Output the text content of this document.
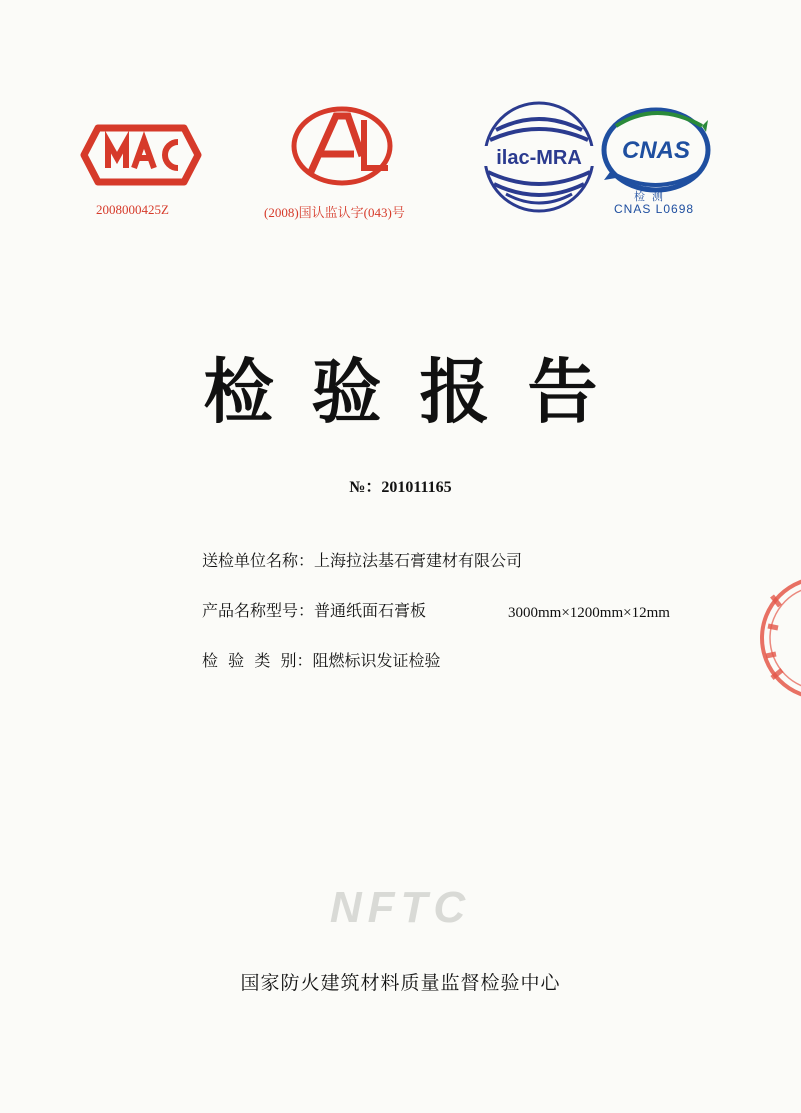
2008000425Z	(2008)国认监认字(043)号
ilac-MRA CNAS
检  测
CNAS L0698
检验报告
№：201011165
送检单位名称：上海拉法基石膏建材有限公司
产品名称型号：普通纸面石膏板	3000mm×1200mm×12mm
检  验  类  别：阻燃标识发证检验
NFTC
国家防火建筑材料质量监督检验中心
